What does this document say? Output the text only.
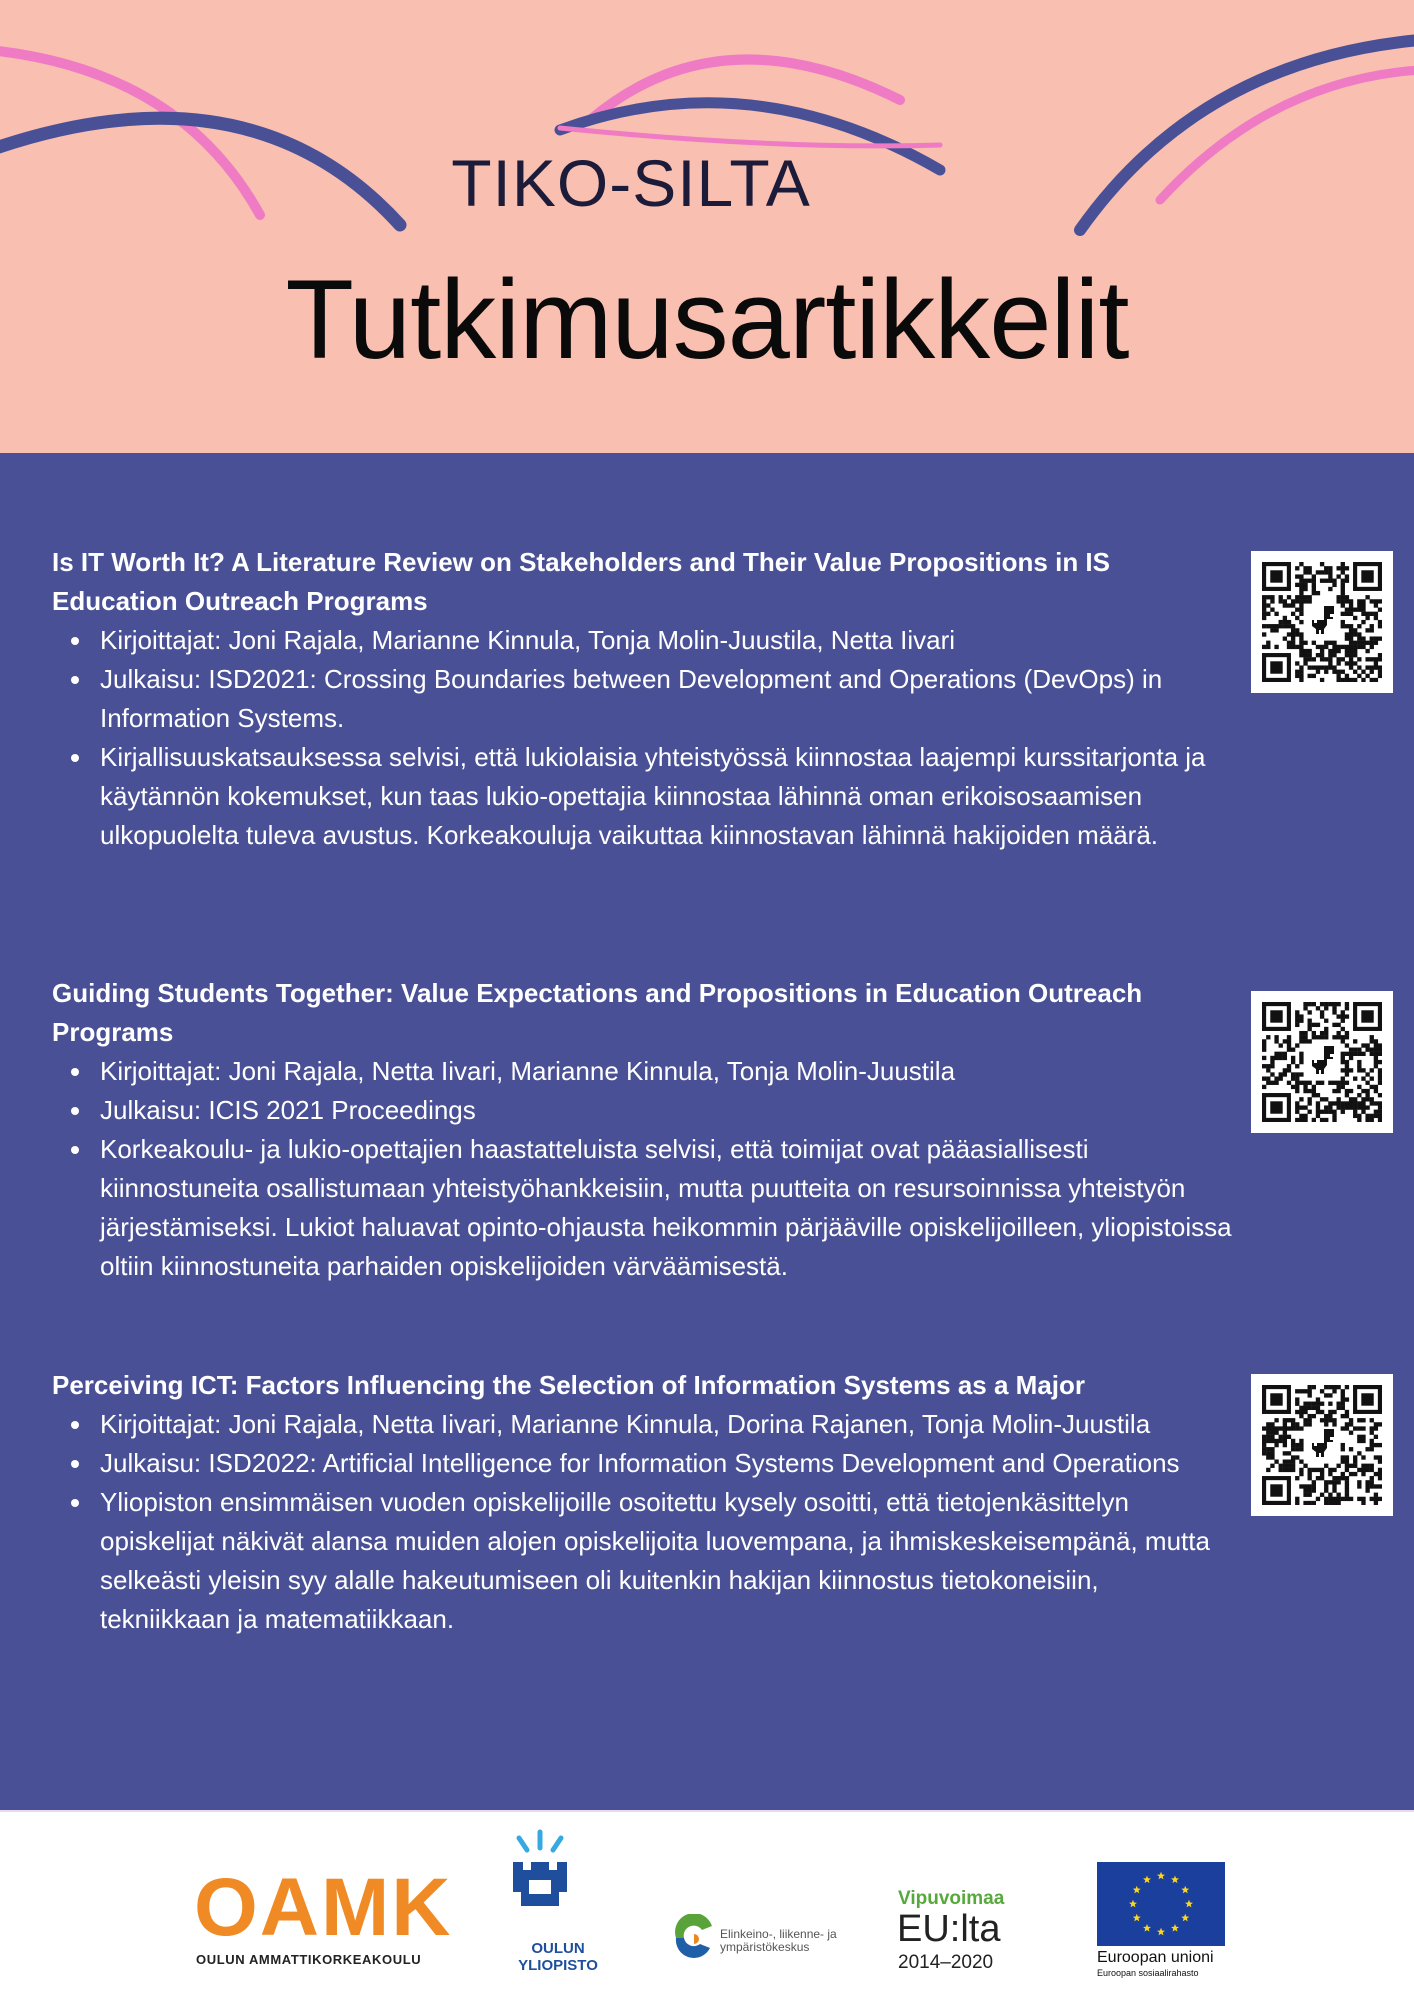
TIKO-SILTA
Tutkimusartikkelit

Is IT Worth It? A Literature Review on Stakeholders and Their Value Propositions in IS Education Outreach Programs

Kirjoittajat: Joni Rajala, Marianne Kinnula, Tonja Molin-Juustila, Netta Iivari
Julkaisu: ISD2021: Crossing Boundaries between Development and Operations (DevOps) in Information Systems.
Kirjallisuuskatsauksessa selvisi, että lukiolaisia yhteistyössä kiinnostaa laajempi kurssitarjonta ja käytännön kokemukset, kun taas lukio-opettajia kiinnostaa lähinnä oman erikoisosaamisen ulkopuolelta tuleva avustus. Korkeakouluja vaikuttaa kiinnostavan lähinnä hakijoiden määrä.

Guiding Students Together: Value Expectations and Propositions in Education Outreach Programs

Kirjoittajat: Joni Rajala, Netta Iivari, Marianne Kinnula, Tonja Molin-Juustila
Julkaisu: ICIS 2021 Proceedings
Korkeakoulu- ja lukio-opettajien haastatteluista selvisi, että toimijat ovat pääasiallisesti kiinnostuneita osallistumaan yhteistyöhankkeisiin, mutta puutteita on resursoinnissa yhteistyön järjestämiseksi. Lukiot haluavat opinto-ohjausta heikommin pärjääville opiskelijoilleen, yliopistoissa oltiin kiinnostuneita parhaiden opiskelijoiden värväämisestä.

Perceiving ICT: Factors Influencing the Selection of Information Systems as a Major

Kirjoittajat: Joni Rajala, Netta Iivari, Marianne Kinnula, Dorina Rajanen, Tonja Molin-Juustila
Julkaisu: ISD2022: Artificial Intelligence for Information Systems Development and Operations
Yliopiston ensimmäisen vuoden opiskelijoille osoitettu kysely osoitti, että tietojenkäsittelyn opiskelijat näkivät alansa muiden alojen opiskelijoita luovempana, ja ihmiskeskeisempänä, mutta selkeästi yleisin syy alalle hakeutumiseen oli kuitenkin hakijan kiinnostus tietokoneisiin, tekniikkaan ja matematiikkaan.
OAMK
OULUN AMMATTIKORKEAKOULU
OULUN
YLIOPISTO
Elinkeino-, liikenne- ja
ympäristökeskus
Vipuvoimaa
EU:lta
2014–2020	Euroopan unioni
Euroopan sosiaalirahasto
